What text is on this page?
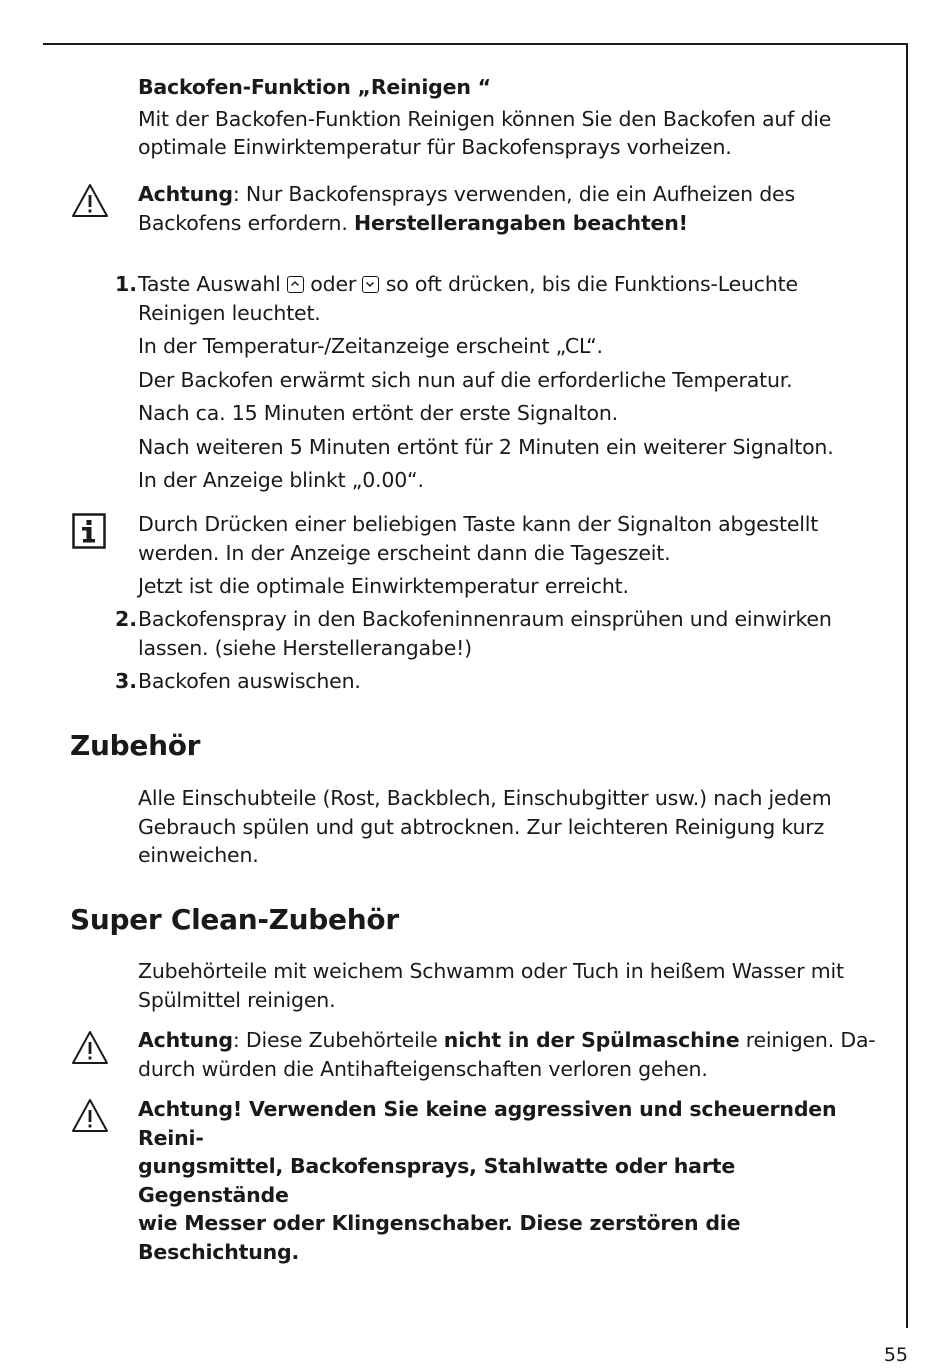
Backofen-Funktion „Reinigen “

Mit der Backofen-Funktion Reinigen können Sie den Backofen auf die

optimale Einwirktemperatur für Backofensprays vorheizen.

Achtung: Nur Backofensprays verwenden, die ein Aufheizen des

Backofens erfordern. Herstellerangaben beachten!

1. Taste Auswahl
oder
so oft drücken, bis die Funktions-Leuchte

Reinigen leuchtet.

In der Temperatur-/Zeitanzeige erscheint „CL“.

Der Backofen erwärmt sich nun auf die erforderliche Temperatur.

Nach ca. 15 Minuten ertönt der erste Signalton.

Nach weiteren 5 Minuten ertönt für 2 Minuten ein weiterer Signalton.

In der Anzeige blinkt „0.00“.

Durch Drücken einer beliebigen Taste kann der Signalton abgestellt

werden. In der Anzeige erscheint dann die Tageszeit.

Jetzt ist die optimale Einwirktemperatur erreicht.

2. Backofenspray in den Backofeninnenraum einsprühen und einwirken

lassen. (siehe Herstellerangabe!)

3. Backofen auswischen.

Zubehör

Alle Einschubteile (Rost, Backblech, Einschubgitter usw.) nach jedem

Gebrauch spülen und gut abtrocknen. Zur leichteren Reinigung kurz

einweichen.

Super Clean-Zubehör

Zubehörteile mit weichem Schwamm oder Tuch in heißem Wasser mit

Spülmittel reinigen.

Achtung: Diese Zubehörteile nicht in der Spülmaschine reinigen. Da-

durch würden die Antihafteigenschaften verloren gehen.

Achtung! Verwenden Sie keine aggressiven und scheuernden Reini-

gungsmittel, Backofensprays, Stahlwatte oder harte Gegenstände

wie Messer oder Klingenschaber. Diese zerstören die Beschichtung.

55
